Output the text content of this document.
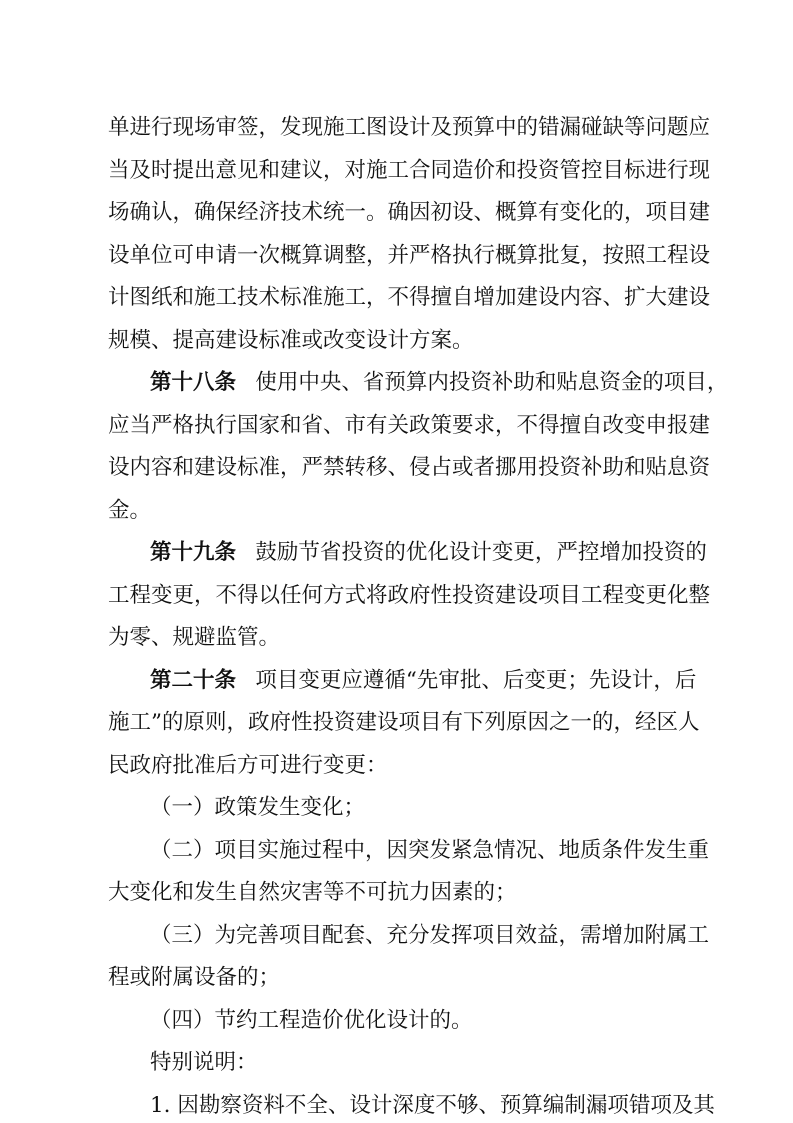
单进行现场审签，发现施工图设计及预算中的错漏碰缺等问题应
当及时提出意见和建议，对施工合同造价和投资管控目标进行现
场确认，确保经济技术统一。确因初设、概算有变化的，项目建
设单位可申请一次概算调整，并严格执行概算批复，按照工程设
计图纸和施工技术标准施工，不得擅自增加建设内容、扩大建设
规模、提高建设标准或改变设计方案。
第十八条 使用中央、省预算内投资补助和贴息资金的项目，
应当严格执行国家和省、市有关政策要求，不得擅自改变申报建
设内容和建设标准，严禁转移、侵占或者挪用投资补助和贴息资
金。
第十九条 鼓励节省投资的优化设计变更，严控增加投资的
工程变更，不得以任何方式将政府性投资建设项目工程变更化整
为零、规避监管。
第二十条 项目变更应遵循“先审批、后变更；先设计，后
施工”的原则，政府性投资建设项目有下列原因之一的，经区人
民政府批准后方可进行变更：
（一）政策发生变化；
（二）项目实施过程中，因突发紧急情况、地质条件发生重
大变化和发生自然灾害等不可抗力因素的；
（三）为完善项目配套、充分发挥项目效益，需增加附属工
程或附属设备的；
（四）节约工程造价优化设计的。
特别说明：
1. 因勘察资料不全、设计深度不够、预算编制漏项错项及其
